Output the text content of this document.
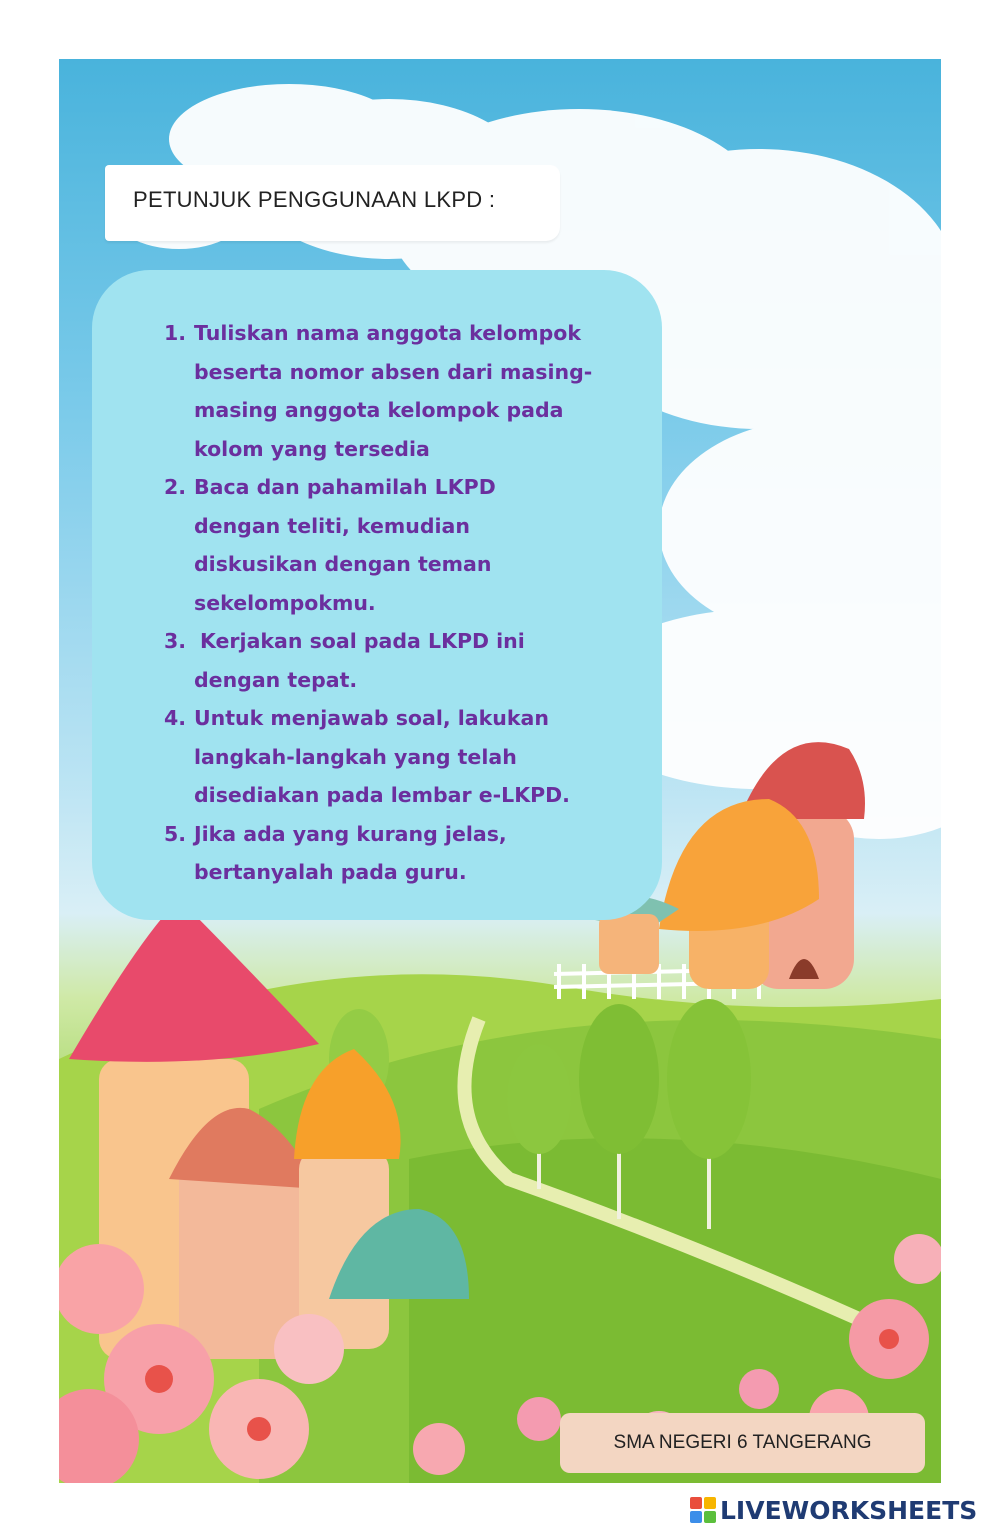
PETUNJUK PENGGUNAAN LKPD :
1. Tuliskan nama anggota kelompok
beserta nomor absen dari masing-
masing anggota kelompok pada
kolom yang tersedia
2. Baca dan pahamilah LKPD
dengan teliti, kemudian
diskusikan dengan teman
sekelompokmu.
3. Kerjakan soal pada LKPD ini
dengan tepat.
4. Untuk menjawab soal, lakukan
langkah-langkah yang telah
disediakan pada lembar e-LKPD.
5. Jika ada yang kurang jelas,
bertanyalah pada guru.
SMA NEGERI 6 TANGERANG
LIVEWORKSHEETS
